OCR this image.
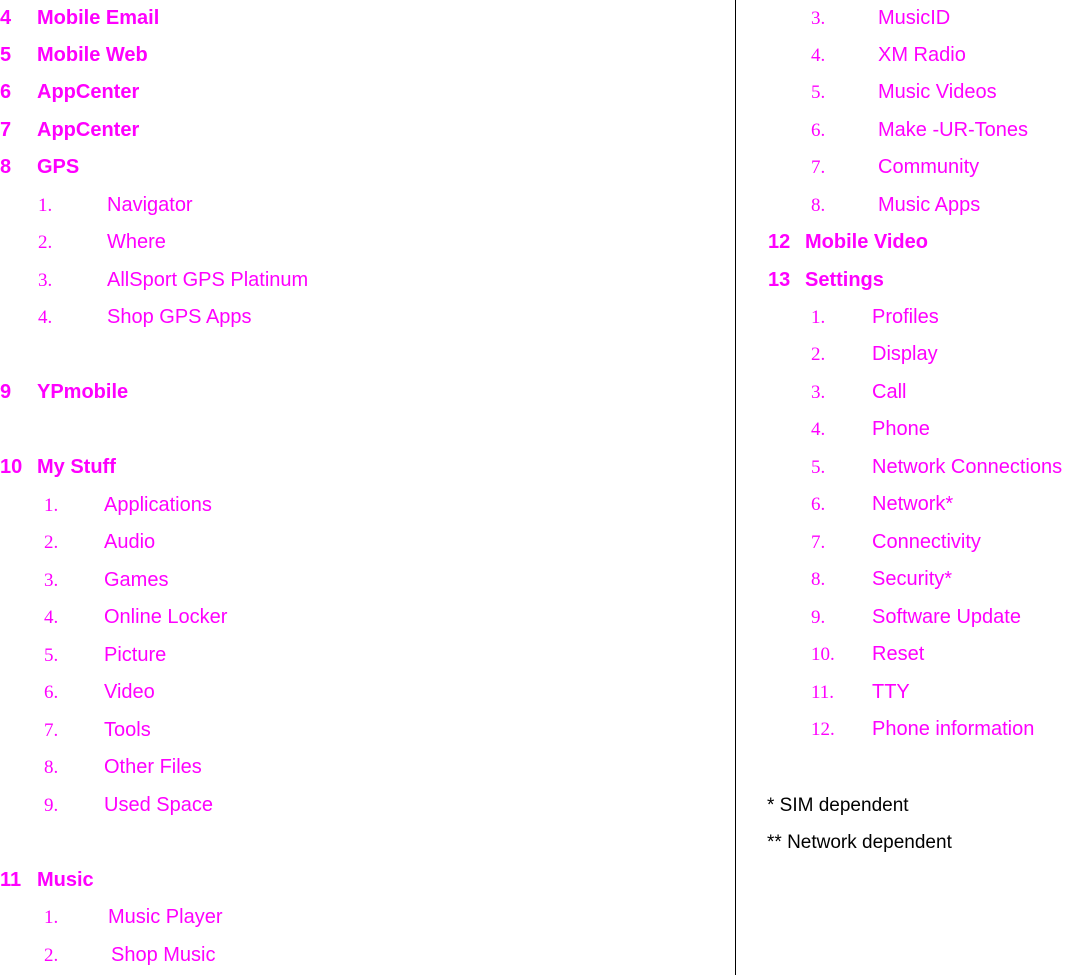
4 Mobile Email
5 Mobile Web
6 AppCenter
7 AppCenter
8 GPS
1.	Navigator
2.	Where
3.	AllSport GPS Platinum
4.	Shop GPS Apps
9 YPmobile
10 My Stuff
1. Applications
2. Audio
3. Games
4. Online Locker
5. Picture
6. Video
7. Tools
8. Other Files
9. Used Space
11 Music
1. Music Player
2.	Shop Music
3.	MusicID
4.	XM Radio
5.	Music Videos
6.	Make -UR-Tones
7.	Community
8.	Music Apps
12 Mobile Video
13 Settings
1. Profiles
2. Display
3. Call
4. Phone
5. Network Connections
6. Network*
7. Connectivity
8. Security*
9. Software Update
10. Reset
11. TTY
12. Phone information
* SIM dependent
** Network dependent
